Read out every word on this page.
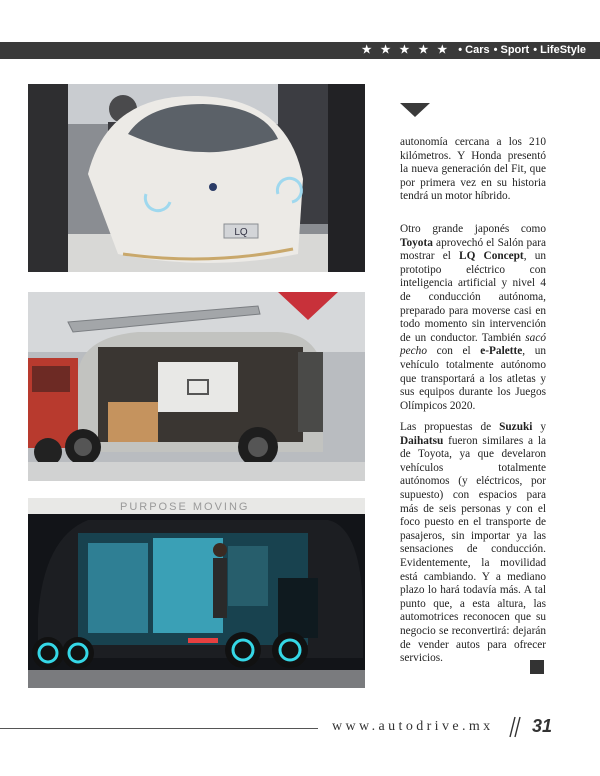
★ ★ ★ ★ ★ • Cars • Sport • LifeStyle
LQ
PURPOSE MOVING

autonomía cercana a los 210 kilómetros. Y Honda presentó la nueva generación del Fit, que por primera vez en su historia tendrá un motor híbrido.

Otro grande japonés como Toyota aprovechó el Salón para mostrar el LQ Concept, un prototipo eléctrico con inteligencia artificial y nivel 4 de conducción autónoma, preparado para moverse casi en todo momento sin intervención de un conductor. También sacó pecho con el e-Palette, un vehículo totalmente autónomo que transportará a los atletas y sus equipos durante los Juegos Olímpicos 2020.

Las propuestas de Suzuki y Daihatsu fueron similares a la de Toyota, ya que develaron vehículos totalmente autónomos (y eléctricos, por supuesto) con espacios para más de seis personas y con el foco puesto en el transporte de pasajeros, sin importar ya las sensaciones de conducción. Evidentemente, la movilidad está cambiando. Y a mediano plazo lo hará todavía más. A tal punto que, a esta altura, las automotrices reconocen que su negocio se reconvertirá: dejarán de vender autos para ofrecer servicios.

www.autodrive.mx 31
